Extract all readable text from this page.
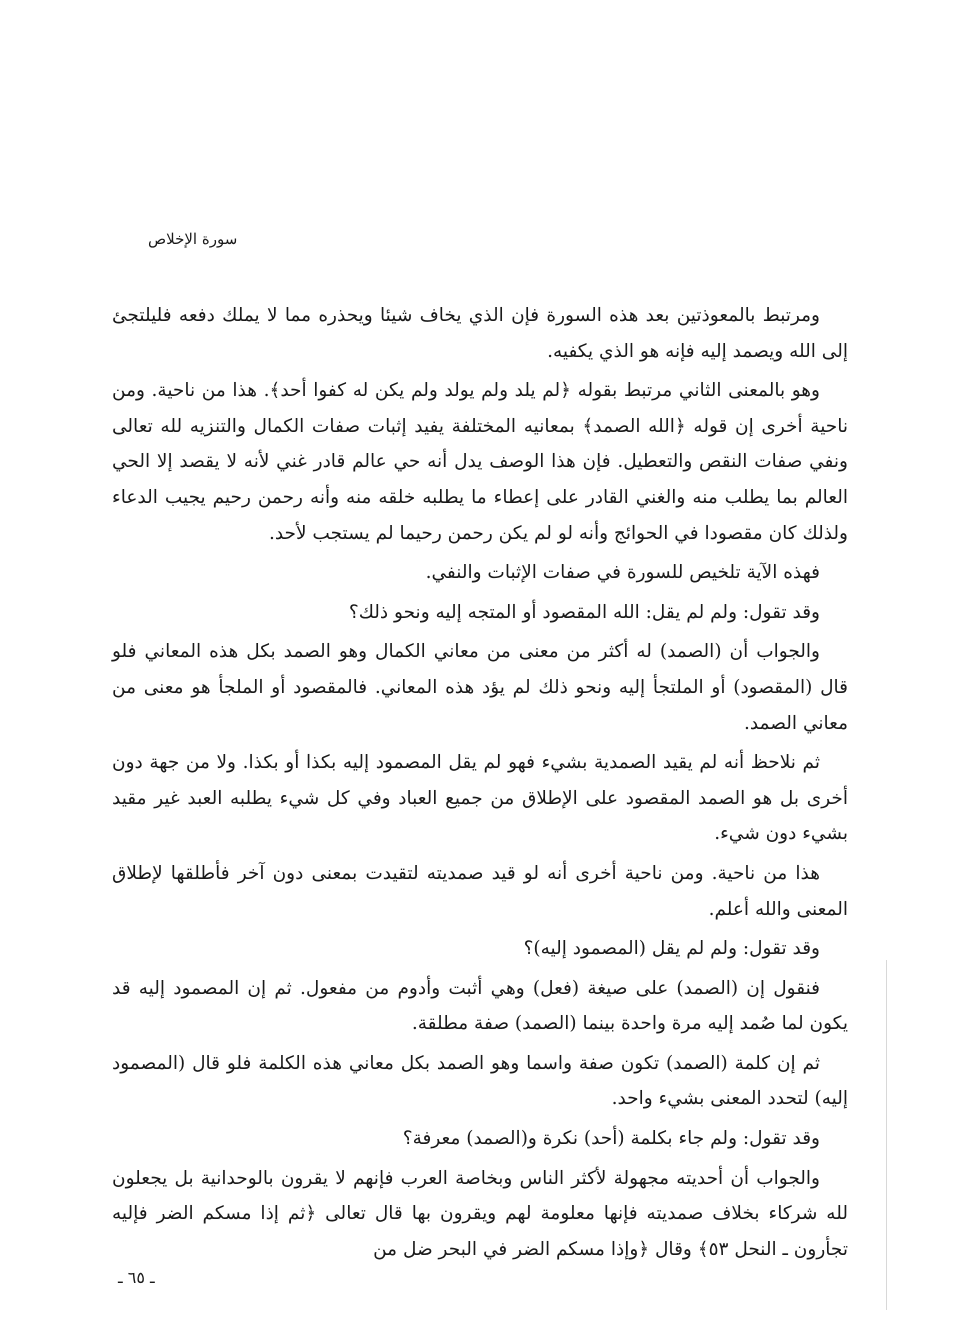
سورة الإخلاص

ومرتبط بالمعوذتين بعد هذه السورة فإن الذي يخاف شيئا ويحذره مما لا يملك دفعه فليلتجئ إلى الله ويصمد إليه فإنه هو الذي يكفيه.

وهو بالمعنى الثاني مرتبط بقوله ﴿لم يلد ولم يولد ولم يكن له كفوا أحد﴾. هذا من ناحية. ومن ناحية أخرى إن قوله ﴿الله الصمد﴾ بمعانيه المختلفة يفيد إثبات صفات الكمال والتنزيه لله تعالى ونفي صفات النقص والتعطيل. فإن هذا الوصف يدل أنه حي عالم قادر غني لأنه لا يقصد إلا الحي العالم بما يطلب منه والغني القادر على إعطاء ما يطلبه خلقه منه وأنه رحمن رحيم يجيب الدعاء ولذلك كان مقصودا في الحوائج وأنه لو لم يكن رحمن رحيما لم يستجب لأحد.

فهذه الآية تلخيص للسورة في صفات الإثبات والنفي.

وقد تقول: ولم لم يقل: الله المقصود أو المتجه إليه ونحو ذلك؟

والجواب أن (الصمد) له أكثر من معنى من معاني الكمال وهو الصمد بكل هذه المعاني فلو قال (المقصود) أو الملتجأ إليه ونحو ذلك لم يؤد هذه المعاني. فالمقصود أو الملجأ هو معنى من معاني الصمد.

ثم نلاحظ أنه لم يقيد الصمدية بشيء فهو لم يقل المصمود إليه بكذا أو بكذا. ولا من جهة دون أخرى بل هو الصمد المقصود على الإطلاق من جميع العباد وفي كل شيء يطلبه العبد غير مقيد بشيء دون شيء.

هذا من ناحية. ومن ناحية أخرى أنه لو قيد صمديته لتقيدت بمعنى دون آخر فأطلقها لإطلاق المعنى والله أعلم.

وقد تقول: ولم لم يقل (المصمود إليه)؟

فنقول إن (الصمد) على صيغة (فعل) وهي أثبت وأدوم من مفعول. ثم إن المصمود إليه قد يكون لما صُمد إليه مرة واحدة بينما (الصمد) صفة مطلقة.

ثم إن كلمة (الصمد) تكون صفة واسما وهو الصمد بكل معاني هذه الكلمة فلو قال (المصمود إليه) لتحدد المعنى بشيء واحد.

وقد تقول: ولم جاء بكلمة (أحد) نكرة و(الصمد) معرفة؟

والجواب أن أحديته مجهولة لأكثر الناس وبخاصة العرب فإنهم لا يقرون بالوحدانية بل يجعلون لله شركاء بخلاف صمديته فإنها معلومة لهم ويقرون بها قال تعالى ﴿ثم إذا مسكم الضر فإليه تجأرون ـ النحل ٥٣﴾ وقال ﴿وإذا مسكم الضر في البحر ضل من

ـ ٦٥ ـ
